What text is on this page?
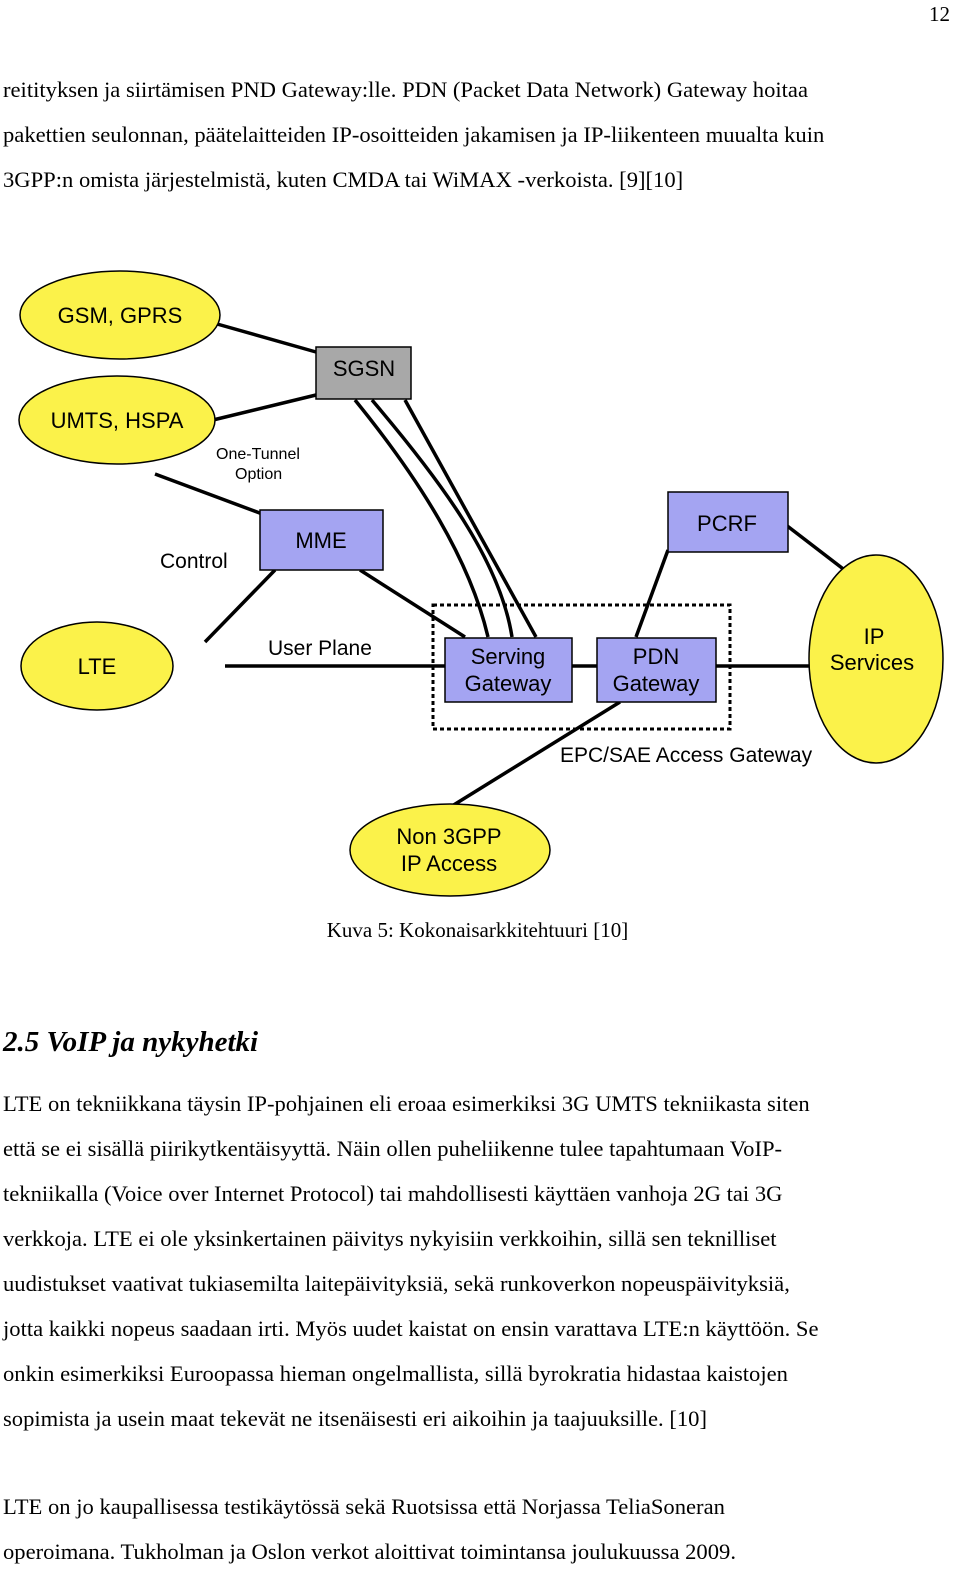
12

reitityksen ja siirtämisen PND Gateway:lle. PDN (Packet Data Network) Gateway hoitaa
pakettien seulonnan, päätelaitteiden IP-osoitteiden jakamisen ja IP-liikenteen muualta kuin
3GPP:n omista järjestelmistä, kuten CMDA tai WiMAX -verkoista. [9][10]

GSM, GPRS
UMTS, HSPA
LTE
SGSN
MME
PCRF
Serving
Gateway
PDN
Gateway
IP
Services
Non 3GPP
IP Access
One-Tunnel
Option
Control
User Plane
EPC/SAE Access Gateway
Kuva 5: Kokonaisarkkitehtuuri [10]
2.5 VoIP ja nykyhetki

LTE on tekniikkana täysin IP-pohjainen eli eroaa esimerkiksi 3G UMTS tekniikasta siten
että se ei sisällä piirikytkentäisyyttä. Näin ollen puheliikenne tulee tapahtumaan VoIP-
tekniikalla (Voice over Internet Protocol) tai mahdollisesti käyttäen vanhoja 2G tai 3G
verkkoja. LTE ei ole yksinkertainen päivitys nykyisiin verkkoihin, sillä sen teknilliset
uudistukset vaativat tukiasemilta laitepäivityksiä, sekä runkoverkon nopeuspäivityksiä,
jotta kaikki nopeus saadaan irti. Myös uudet kaistat on ensin varattava LTE:n käyttöön. Se
onkin esimerkiksi Euroopassa hieman ongelmallista, sillä byrokratia hidastaa kaistojen
sopimista ja usein maat tekevät ne itsenäisesti eri aikoihin ja taajuuksille. [10]

LTE on jo kaupallisessa testikäytössä sekä Ruotsissa että Norjassa TeliaSoneran
operoimana. Tukholman ja Oslon verkot aloittivat toimintansa joulukuussa 2009.
